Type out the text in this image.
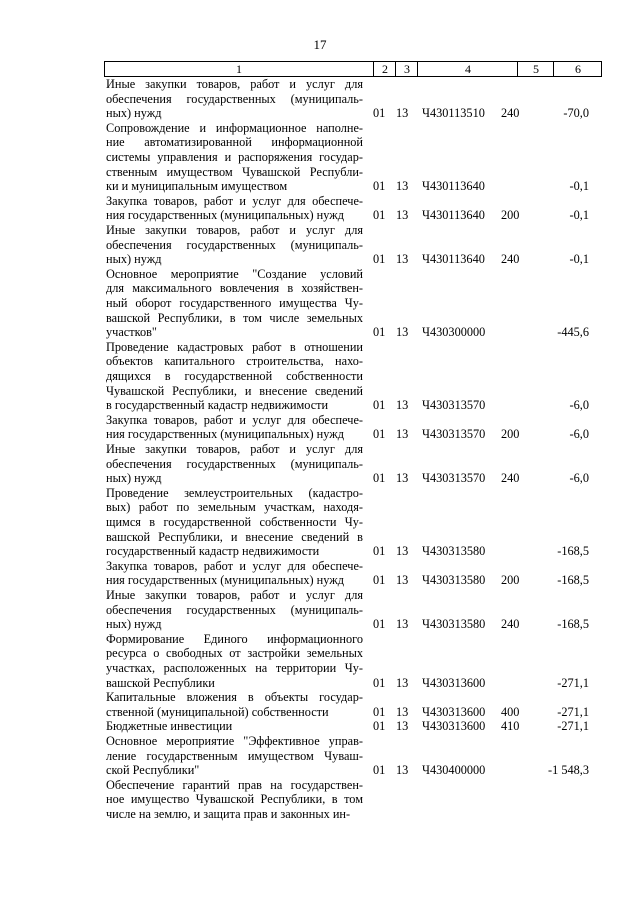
17
1	2	3	4	5	6
Иные закупки товаров, работ и услуг для
обеспечения государственных (муниципаль-
ных) нужд	01 13 Ч430113510 240	-70,0
Сопровождение и информационное наполне-
ние автоматизированной информационной
системы управления и распоряжения государ-
ственным имуществом Чувашской Республи-
ки и муниципальным имуществом	01 13 Ч430113640	-0,1
Закупка товаров, работ и услуг для обеспече-
ния государственных (муниципальных) нужд	01 13 Ч430113640 200	-0,1
Иные закупки товаров, работ и услуг для
обеспечения государственных (муниципаль-
ных) нужд	01 13 Ч430113640 240	-0,1
Основное мероприятие "Создание условий
для максимального вовлечения в хозяйствен-
ный оборот государственного имущества Чу-
вашской Республики, в том числе земельных
участков"	01 13 Ч430300000	-445,6
Проведение кадастровых работ в отношении
объектов капитального строительства, нахо-
дящихся в государственной собственности
Чувашской Республики, и внесение сведений
в государственный кадастр недвижимости	01 13 Ч430313570	-6,0
Закупка товаров, работ и услуг для обеспече-
ния государственных (муниципальных) нужд	01 13 Ч430313570 200	-6,0
Иные закупки товаров, работ и услуг для
обеспечения государственных (муниципаль-
ных) нужд	01 13 Ч430313570 240	-6,0
Проведение землеустроительных (кадастро-
вых) работ по земельным участкам, находя-
щимся в государственной собственности Чу-
вашской Республики, и внесение сведений в
государственный кадастр недвижимости	01 13 Ч430313580	-168,5
Закупка товаров, работ и услуг для обеспече-
ния государственных (муниципальных) нужд	01 13 Ч430313580 200	-168,5
Иные закупки товаров, работ и услуг для
обеспечения государственных (муниципаль-
ных) нужд	01 13 Ч430313580 240	-168,5
Формирование Единого информационного
ресурса о свободных от застройки земельных
участках, расположенных на территории Чу-
вашской Республики	01 13 Ч430313600	-271,1
Капитальные вложения в объекты государ-
ственной (муниципальной) собственности	01 13 Ч430313600 400	-271,1
Бюджетные инвестиции	01 13 Ч430313600 410	-271,1
Основное мероприятие "Эффективное управ-
ление государственным имуществом Чуваш-
ской Республики"	01 13 Ч430400000	-1 548,3
Обеспечение гарантий прав на государствен-
ное имущество Чувашской Республики, в том
числе на землю, и защита прав и законных ин-
